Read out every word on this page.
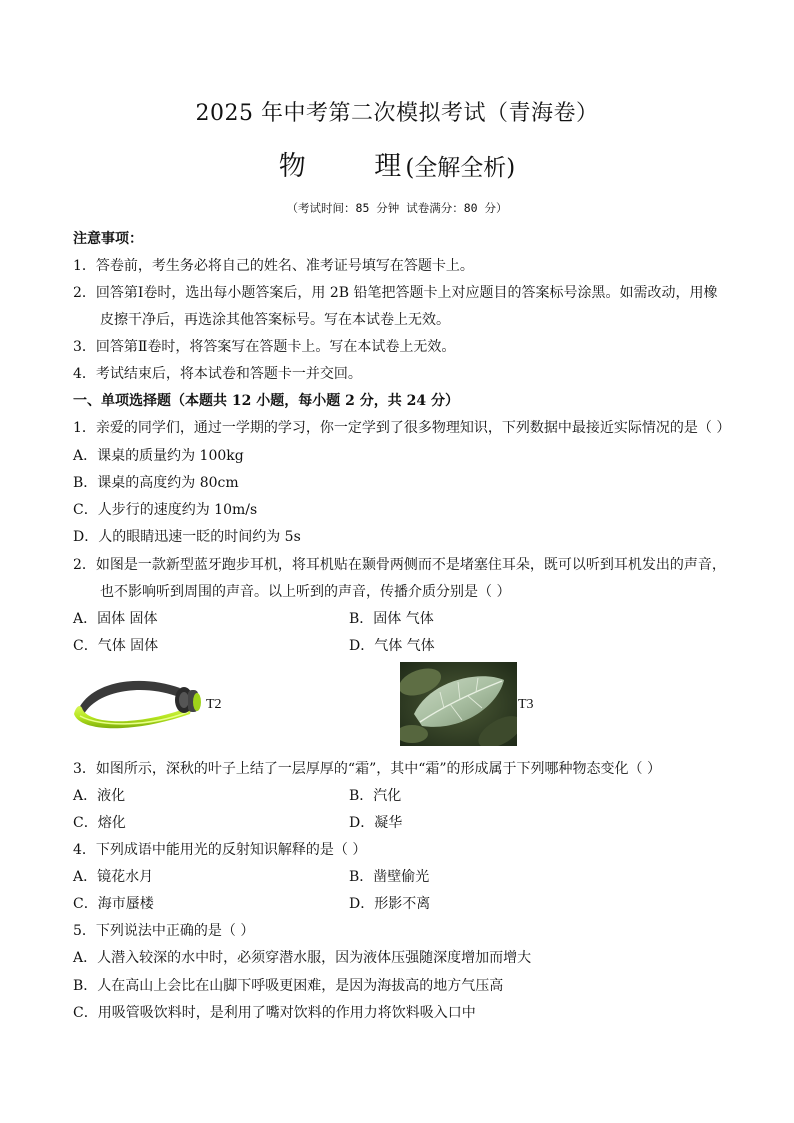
2025 年中考第二次模拟考试（青海卷）
物 理(全解全析)
（考试时间：85 分钟 试卷满分：80 分）
注意事项：
1．答卷前，考生务必将自己的姓名、准考证号填写在答题卡上。
2．回答第Ⅰ卷时，选出每小题答案后，用 2B 铅笔把答题卡上对应题目的答案标号涂黑。如需改动，用橡
皮擦干净后，再选涂其他答案标号。写在本试卷上无效。
3．回答第Ⅱ卷时，将答案写在答题卡上。写在本试卷上无效。
4．考试结束后，将本试卷和答题卡一并交回。
一、单项选择题（本题共 12 小题，每小题 2 分，共 24 分）
1．亲爱的同学们，通过一学期的学习，你一定学到了很多物理知识，下列数据中最接近实际情况的是（ ）
A．课桌的质量约为 100kg
B．课桌的高度约为 80cm
C．人步行的速度约为 10m/s
D．人的眼睛迅速一眨的时间约为 5s
2．如图是一款新型蓝牙跑步耳机，将耳机贴在颞骨两侧而不是堵塞住耳朵，既可以听到耳机发出的声音，
也不影响听到周围的声音。以上听到的声音，传播介质分别是（ ）
A．固体 固体	B．固体 气体
C．气体 固体	D．气体 气体
T2	T3
3．如图所示，深秋的叶子上结了一层厚厚的“霜”，其中“霜”的形成属于下列哪种物态变化（ ）
A．液化	B．汽化
C．熔化	D．凝华
4．下列成语中能用光的反射知识解释的是（ ）
A．镜花水月	B．凿壁偷光
C．海市蜃楼	D．形影不离
5．下列说法中正确的是（ ）
A．人潜入较深的水中时，必须穿潜水服，因为液体压强随深度增加而增大
B．人在高山上会比在山脚下呼吸更困难，是因为海拔高的地方气压高
C．用吸管吸饮料时，是利用了嘴对饮料的作用力将饮料吸入口中
